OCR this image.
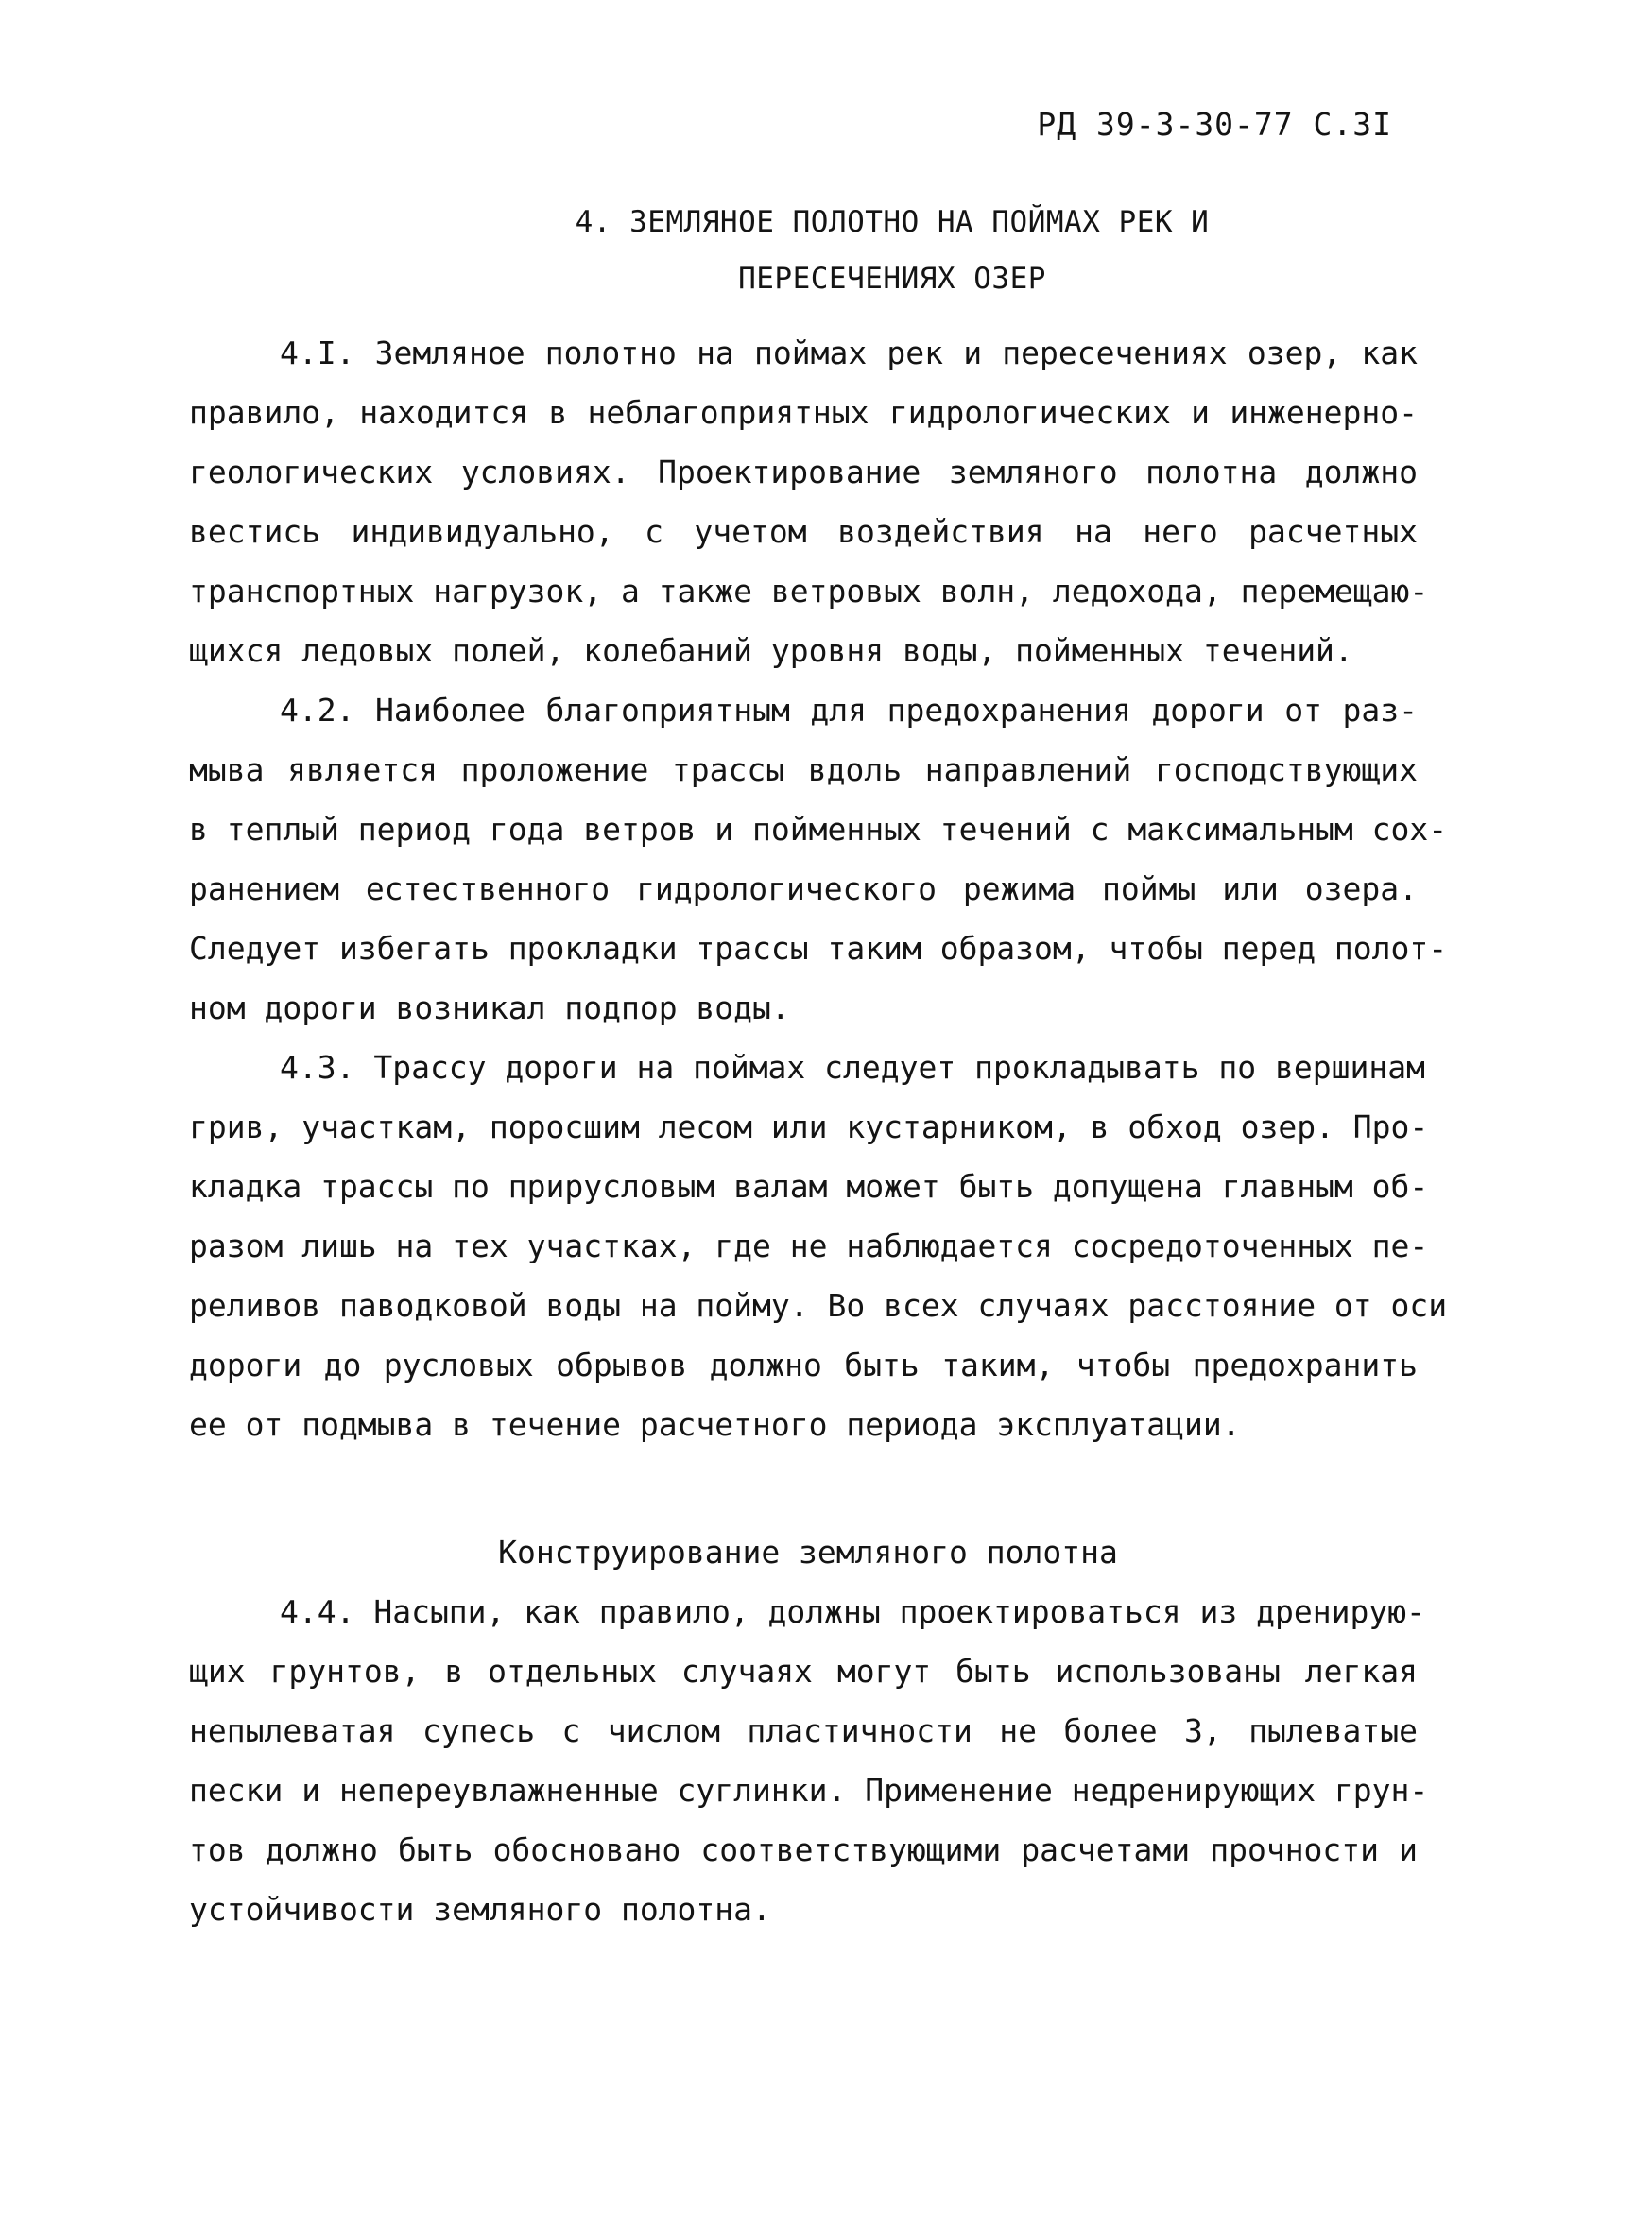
РД 39-3-30-77 С.3І
4. ЗЕМЛЯНОЕ ПОЛОТНО НА ПОЙМАХ РЕК И
ПЕРЕСЕЧЕНИЯХ ОЗЕР

4.І. Земляное полотно на поймах рек и пересечениях озер, как
правило, находится в неблагоприятных гидрологических и инженерно-
геологических условиях. Проектирование земляного полотна должно
вестись индивидуально, с учетом воздействия на него расчетных
транспортных нагрузок, а также ветровых волн, ледохода, перемещаю-
щихся ледовых полей, колебаний уровня воды, пойменных течений.

4.2. Наиболее благоприятным для предохранения дороги от раз-
мыва является проложение трассы вдоль направлений господствующих
в теплый период года ветров и пойменных течений с максимальным сох-
ранением естественного гидрологического режима поймы или озера.
Следует избегать прокладки трассы таким образом, чтобы перед полот-
ном дороги возникал подпор воды.

4.3. Трассу дороги на поймах следует прокладывать по вершинам
грив, участкам, поросшим лесом или кустарником, в обход озер. Про-
кладка трассы по прирусловым валам может быть допущена главным об-
разом лишь на тех участках, где не наблюдается сосредоточенных пе-
реливов паводковой воды на пойму. Во всех случаях расстояние от оси
дороги до русловых обрывов должно быть таким, чтобы предохранить
ее от подмыва в течение расчетного периода эксплуатации.

Конструирование земляного полотна

4.4. Насыпи, как правило, должны проектироваться из дренирую-
щих грунтов, в отдельных случаях могут быть использованы легкая
непылеватая супесь с числом пластичности не более 3, пылеватые
пески и непереувлажненные суглинки. Применение недренирующих грун-
тов должно быть обосновано соответствующими расчетами прочности и
устойчивости земляного полотна.
